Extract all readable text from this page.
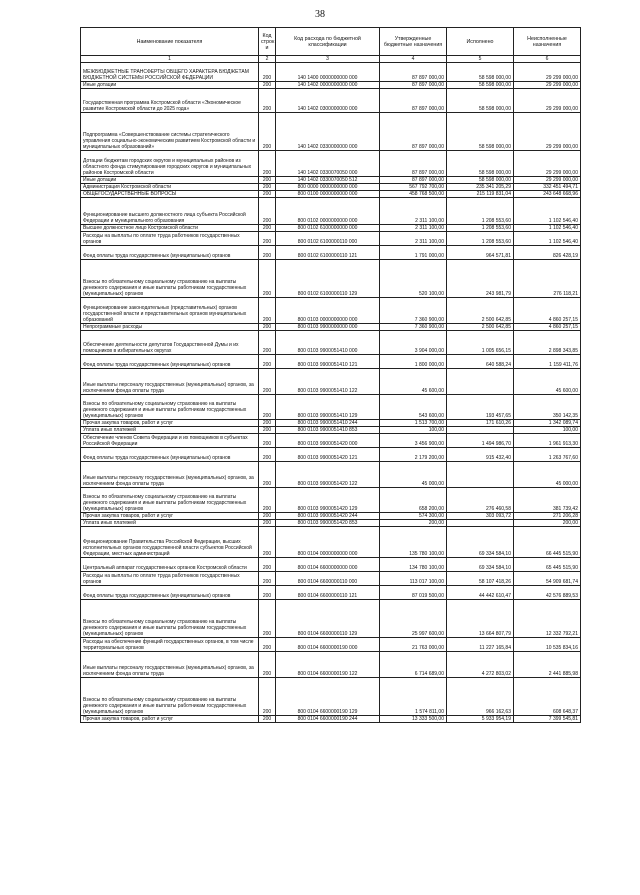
38
Наименование показателя	Код строк и	Код расхода по бюджетной классификации	Утвержденные бюджетные назначения	Исполнено	Неисполненные назначения
1	2	3	4	5	6
МЕЖБЮДЖЕТНЫЕ ТРАНСФЕРТЫ ОБЩЕГО ХАРАКТЕРА БЮДЖЕТАМ БЮДЖЕТНОЙ СИСТЕМЫ РОССИЙСКОЙ ФЕДЕРАЦИИ	200	140 1400 0000000000 000	87 897 000,00	58 598 000,00	29 299 000,00
Иные дотации	200	140 1402 0000000000 000	87 897 000,00	58 598 000,00	29 299 000,00
Государственная программа Костромской области «Экономическое развитие Костромской области до 2025 года»	200	140 1402 0300000000 000	87 897 000,00	58 598 000,00	29 299 000,00
Подпрограмма «Совершенствование системы стратегического управления социально-экономическим развитием Костромской области и муниципальных образований»	200	140 1402 0330000000 000	87 897 000,00	58 598 000,00	29 299 000,00
Дотации бюджетам городских округов и муниципальных районов из областного фонда стимулирования городских округов и муниципальных районов Костромской области	200	140 1402 0330070050 000	87 897 000,00	58 598 000,00	29 299 000,00
Иные дотации	200	140 1402 0330070050 512	87 897 000,00	58 598 000,00	29 299 000,00
Администрация Костромской области	200	800 0000 0000000000 000	567 792 700,00	235 341 205,29	332 451 494,71
ОБЩЕГОСУДАРСТВЕННЫЕ ВОПРОСЫ	200	800 0100 0000000000 000	458 768 500,00	215 119 831,04	243 648 668,96
Функционирование высшего должностного лица субъекта Российской Федерации и муниципального образования	200	800 0102 0000000000 000	2 311 100,00	1 208 553,60	1 102 546,40
Высшее должностное лицо Костромской области	200	800 0102 6100000000 000	2 311 100,00	1 208 553,60	1 102 546,40
Расходы на выплаты по оплате труда работников государственных органов	200	800 0102 6100000110 000	2 311 100,00	1 208 553,60	1 102 546,40
Фонд оплаты труда государственных (муниципальных) органов	200	800 0102 6100000110 121	1 791 000,00	964 571,81	826 428,19
Взносы по обязательному социальному страхованию на выплаты денежного содержания и иные выплаты работникам государственных (муниципальных) органов	200	800 0102 6100000110 129	520 100,00	243 981,79	276 118,21
Функционирование законодательных (представительных) органов государственной власти и представительных органов муниципальных образований	200	800 0103 0000000000 000	7 360 900,00	2 500 642,85	4 860 257,15
Непрограммные расходы	200	800 0103 9900000000 000	7 360 900,00	2 500 642,85	4 860 257,15
Обеспечение деятельности депутатов Государственной Думы и их помощников в избирательных округах	200	800 0103 9900051410 000	3 904 000,00	1 005 656,15	2 898 343,85
Фонд оплаты труда государственных (муниципальных) органов	200	800 0103 9900051410 121	1 800 000,00	640 588,24	1 159 411,76
Иные выплаты персоналу государственных (муниципальных) органов, за исключением фонда оплаты труда	200	800 0103 9900051410 122	45 600,00		45 600,00
Взносы по обязательному социальному страхованию на выплаты денежного содержания и иные выплаты работникам государственных (муниципальных) органов	200	800 0103 9900051410 129	543 600,00	193 457,65	350 142,35
Прочая закупка товаров, работ и услуг	200	800 0103 9900051410 244	1 513 700,00	171 610,26	1 342 089,74
Уплата иных платежей	200	800 0103 9900051410 853	100,00		100,00
Обеспечение членов Совета Федерации и их помощников в субъектах Российской Федерации	200	800 0103 9900051420 000	3 456 900,00	1 494 986,70	1 961 913,30
Фонд оплаты труда государственных (муниципальных) органов	200	800 0103 9900051420 121	2 179 200,00	915 432,40	1 263 767,60
Иные выплаты персоналу государственных (муниципальных) органов, за исключением фонда оплаты труда	200	800 0103 9900051420 122	45 000,00		45 000,00
Взносы по обязательному социальному страхованию на выплаты денежного содержания и иные выплаты работникам государственных (муниципальных) органов	200	800 0103 9900051420 129	658 200,00	276 460,58	381 739,42
Прочая закупка товаров, работ и услуг	200	800 0103 9900051420 244	574 300,00	303 093,72	271 206,28
Уплата иных платежей	200	800 0103 9900051420 853	200,00		200,00
Функционирование Правительства Российской Федерации, высших исполнительных органов государственной власти субъектов Российской Федерации, местных администраций	200	800 0104 0000000000 000	135 780 100,00	69 334 584,10	66 445 515,90
Центральный аппарат государственных органов Костромской области	200	800 0104 6600000000 000	134 780 100,00	69 334 584,10	65 445 515,90
Расходы на выплаты по оплате труда работников государственных органов	200	800 0104 6600000110 000	113 017 100,00	58 107 418,26	54 909 681,74
Фонд оплаты труда государственных (муниципальных) органов	200	800 0104 6600000110 121	87 019 500,00	44 442 610,47	42 576 889,53
Взносы по обязательному социальному страхованию на выплаты денежного содержания и иные выплаты работникам государственных (муниципальных) органов	200	800 0104 6600000110 129	25 997 600,00	13 664 807,79	12 332 792,21
Расходы на обеспечение функций государственных органов, в том числе территориальных органов	200	800 0104 6600000190 000	21 763 000,00	11 227 165,84	10 535 834,16
Иные выплаты персоналу государственных (муниципальных) органов, за исключением фонда оплаты труда	200	800 0104 6600000190 122	6 714 689,00	4 272 803,02	2 441 885,98
Взносы по обязательному социальному страхованию на выплаты денежного содержания и иные выплаты работникам государственных (муниципальных) органов	200	800 0104 6600000190 129	1 574 811,00	966 162,63	608 648,37
Прочая закупка товаров, работ и услуг	200	800 0104 6600000190 244	13 333 500,00	5 933 954,19	7 399 545,81
